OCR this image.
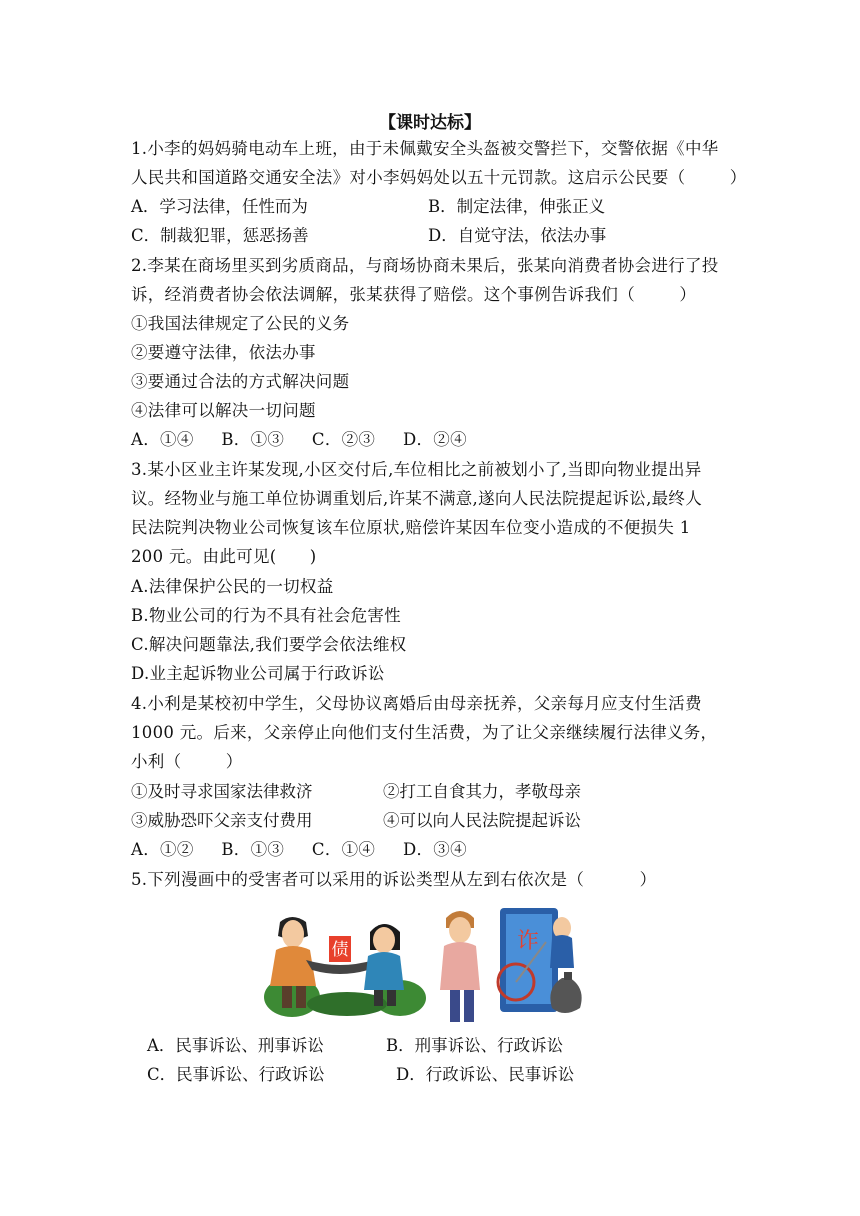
【课时达标】
1.小李的妈妈骑电动车上班，由于未佩戴安全头盔被交警拦下，交警依据《中华
人民共和国道路交通安全法》对小李妈妈处以五十元罚款。这启示公民要（        ）
A．学习法律，任性而为	B．制定法律，伸张正义
C．制裁犯罪，惩恶扬善	D．自觉守法，依法办事
2.李某在商场里买到劣质商品，与商场协商未果后，张某向消费者协会进行了投
诉，经消费者协会依法调解，张某获得了赔偿。这个事例告诉我们（        ）
①我国法律规定了公民的义务
②要遵守法律，依法办事
③要通过合法的方式解决问题
④法律可以解决一切问题
A．①④     B．①③     C．②③     D．②④
3.某小区业主许某发现,小区交付后,车位相比之前被划小了,当即向物业提出异
议。经物业与施工单位协调重划后,许某不满意,遂向人民法院提起诉讼,最终人
民法院判决物业公司恢复该车位原状,赔偿许某因车位变小造成的不便损失 1
200 元。由此可见(      )
A.法律保护公民的一切权益
B.物业公司的行为不具有社会危害性
C.解决问题靠法,我们要学会依法维权
D.业主起诉物业公司属于行政诉讼
4.小利是某校初中学生，父母协议离婚后由母亲抚养，父亲每月应支付生活费
1000 元。后来，父亲停止向他们支付生活费，为了让父亲继续履行法律义务，
小利（        ）
①及时寻求国家法律救济	②打工自食其力，孝敬母亲
③威胁恐吓父亲支付费用	④可以向人民法院提起诉讼
A．①②     B．①③     C．①④     D．③④
5.下列漫画中的受害者可以采用的诉讼类型从左到右依次是（          ）
债	诈
A．民事诉讼、刑事诉讼	B．刑事诉讼、行政诉讼
C．民事诉讼、行政诉讼	D．行政诉讼、民事诉讼
